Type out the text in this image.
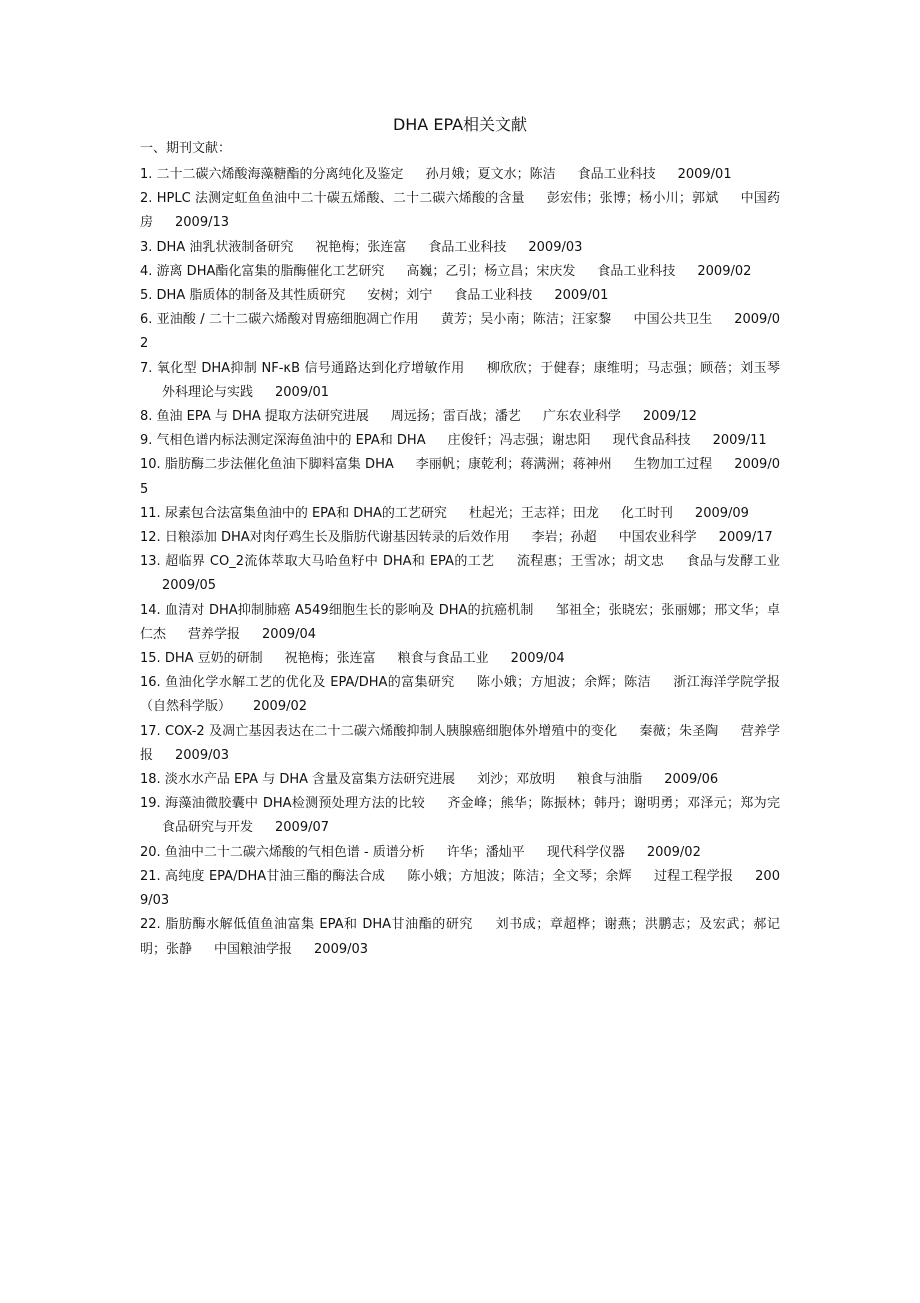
DHA EPA相关文献
一、期刊文献：
1. 二十二碳六烯酸海藻糖酯的分离纯化及鉴定 孙月娥；夏文水；陈洁 食品工业科技 2009/01
2. HPLC 法测定虹鱼鱼油中二十碳五烯酸、二十二碳六烯酸的含量 彭宏伟；张博；杨小川；郭斌 中国药房 2009/13
3. DHA 油乳状液制备研究 祝艳梅；张连富 食品工业科技 2009/03
4. 游离 DHA酯化富集的脂酶催化工艺研究 高巍；乙引；杨立昌；宋庆发 食品工业科技 2009/02
5. DHA 脂质体的制备及其性质研究 安树；刘宁 食品工业科技 2009/01
6. 亚油酸 / 二十二碳六烯酸对胃癌细胞凋亡作用 黄芳；吴小南；陈洁；汪家黎 中国公共卫生 2009/02
7. 氧化型 DHA抑制 NF-κB 信号通路达到化疗增敏作用 柳欣欣；于健春；康维明；马志强；顾蓓；刘玉琴外科理论与实践 2009/01
8. 鱼油 EPA 与 DHA 提取方法研究进展 周远扬；雷百战；潘艺 广东农业科学 2009/12
9. 气相色谱内标法测定深海鱼油中的 EPA和 DHA 庄俊钎；冯志强；谢忠阳 现代食品科技 2009/11
10. 脂肪酶二步法催化鱼油下脚料富集 DHA 李丽帆；康乾利；蒋满洲；蒋神州 生物加工过程 2009/05
11. 尿素包合法富集鱼油中的 EPA和 DHA的工艺研究 杜起光；王志祥；田龙 化工时刊 2009/09
12. 日粮添加 DHA对肉仔鸡生长及脂肪代谢基因转录的后效作用 李岩；孙超 中国农业科学 2009/17
13. 超临界 CO_2流体萃取大马哈鱼籽中 DHA和 EPA的工艺 流程惠；王雪冰；胡文忠 食品与发酵工业2009/05
14. 血清对 DHA抑制肺癌 A549细胞生长的影响及 DHA的抗癌机制 邹祖全；张晓宏；张丽娜；邢文华；卓仁杰 营养学报 2009/04
15. DHA 豆奶的研制 祝艳梅；张连富 粮食与食品工业 2009/04
16. 鱼油化学水解工艺的优化及 EPA/DHA的富集研究 陈小娥；方旭波；余辉；陈洁 浙江海洋学院学报（自然科学版） 2009/02
17. COX-2 及凋亡基因表达在二十二碳六烯酸抑制人胰腺癌细胞体外增殖中的变化 秦薇；朱圣陶 营养学报 2009/03
18. 淡水水产品 EPA 与 DHA 含量及富集方法研究进展 刘沙；邓放明 粮食与油脂 2009/06
19. 海藻油微胶囊中 DHA检测预处理方法的比较 齐金峰；熊华；陈振林；韩丹；谢明勇；邓泽元；郑为完食品研究与开发 2009/07
20. 鱼油中二十二碳六烯酸的气相色谱 - 质谱分析 许华；潘灿平 现代科学仪器 2009/02
21. 高纯度 EPA/DHA甘油三酯的酶法合成 陈小娥；方旭波；陈洁；全文琴；余辉 过程工程学报 2009/03
22. 脂肪酶水解低值鱼油富集 EPA和 DHA甘油酯的研究 刘书成；章超桦；谢燕；洪鹏志；及宏武；郝记明；张静 中国粮油学报 2009/03
